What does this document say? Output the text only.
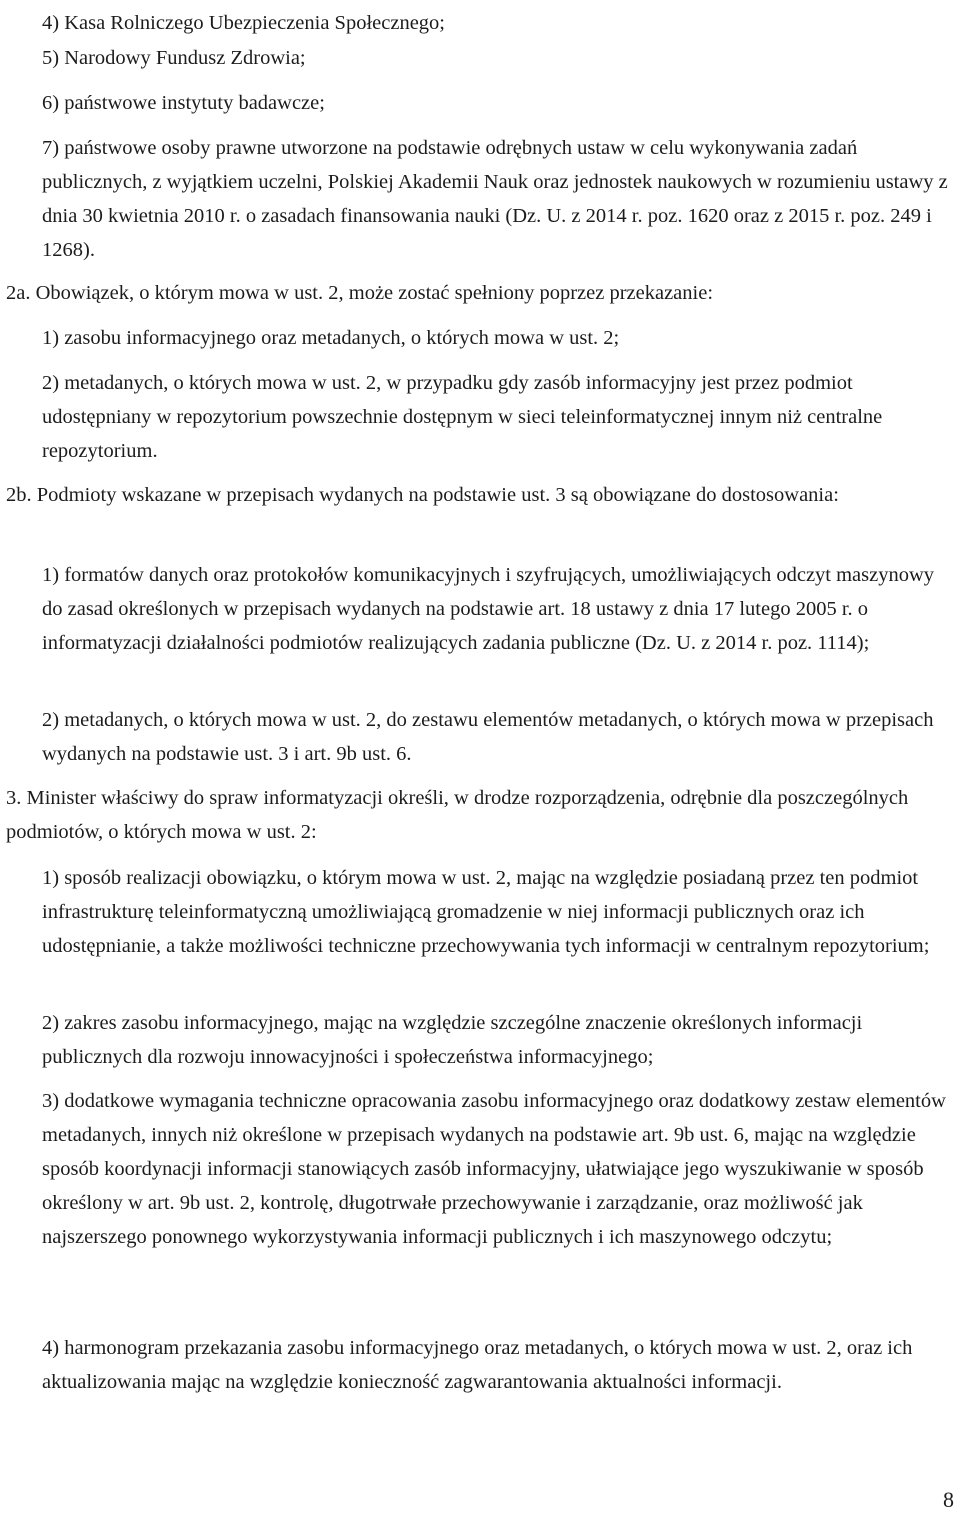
4) Kasa Rolniczego Ubezpieczenia Społecznego;
5) Narodowy Fundusz Zdrowia;
6) państwowe instytuty badawcze;
7) państwowe osoby prawne utworzone na podstawie odrębnych ustaw w celu wykonywania zadań publicznych, z wyjątkiem uczelni, Polskiej Akademii Nauk oraz jednostek naukowych w rozumieniu ustawy z dnia 30 kwietnia 2010 r. o zasadach finansowania nauki (Dz. U. z 2014 r. poz. 1620 oraz z 2015 r. poz. 249 i 1268).
2a. Obowiązek, o którym mowa w ust. 2, może zostać spełniony poprzez przekazanie:
1) zasobu informacyjnego oraz metadanych, o których mowa w ust. 2;
2) metadanych, o których mowa w ust. 2, w przypadku gdy zasób informacyjny jest przez podmiot udostępniany w repozytorium powszechnie dostępnym w sieci teleinformatycznej innym niż centralne repozytorium.
2b. Podmioty wskazane w przepisach wydanych na podstawie ust. 3 są obowiązane do dostosowania:
1) formatów danych oraz protokołów komunikacyjnych i szyfrujących, umożliwiających odczyt maszynowy do zasad określonych w przepisach wydanych na podstawie art. 18 ustawy z dnia 17 lutego 2005 r. o informatyzacji działalności podmiotów realizujących zadania publiczne (Dz. U. z 2014 r. poz. 1114);
2) metadanych, o których mowa w ust. 2, do zestawu elementów metadanych, o których mowa w przepisach wydanych na podstawie ust. 3 i art. 9b ust. 6.
3. Minister właściwy do spraw informatyzacji określi, w drodze rozporządzenia, odrębnie dla poszczególnych podmiotów, o których mowa w ust. 2:
1) sposób realizacji obowiązku, o którym mowa w ust. 2, mając na względzie posiadaną przez ten podmiot infrastrukturę teleinformatyczną umożliwiającą gromadzenie w niej informacji publicznych oraz ich udostępnianie, a także możliwości techniczne przechowywania tych informacji w centralnym repozytorium;
2) zakres zasobu informacyjnego, mając na względzie szczególne znaczenie określonych informacji publicznych dla rozwoju innowacyjności i społeczeństwa informacyjnego;
3) dodatkowe wymagania techniczne opracowania zasobu informacyjnego oraz dodatkowy zestaw elementów metadanych, innych niż określone w przepisach wydanych na podstawie art. 9b ust. 6, mając na względzie sposób koordynacji informacji stanowiących zasób informacyjny, ułatwiające jego wyszukiwanie w sposób określony w art. 9b ust. 2, kontrolę, długotrwałe przechowywanie i zarządzanie, oraz możliwość jak najszerszego ponownego wykorzystywania informacji publicznych i ich maszynowego odczytu;
4) harmonogram przekazania zasobu informacyjnego oraz metadanych, o których mowa w ust. 2, oraz ich aktualizowania mając na względzie konieczność zagwarantowania aktualności informacji.
8
